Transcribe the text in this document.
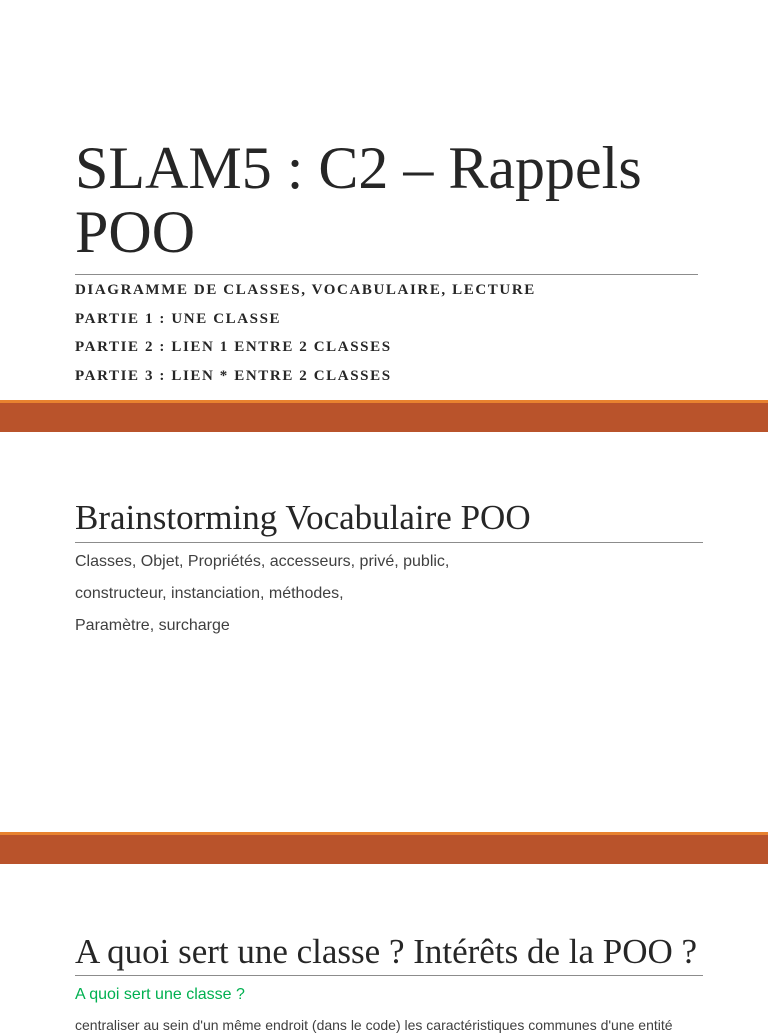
SLAM5 : C2 – Rappels POO
DIAGRAMME DE CLASSES, VOCABULAIRE, LECTURE
PARTIE 1 : UNE CLASSE
PARTIE 2 : LIEN 1 ENTRE 2 CLASSES
PARTIE 3 : LIEN * ENTRE 2 CLASSES
Brainstorming Vocabulaire POO
Classes, Objet, Propriétés, accesseurs, privé, public,
constructeur, instanciation, méthodes,
Paramètre, surcharge
A quoi sert une classe ? Intérêts de la POO ?

A quoi sert une classe ?

centraliser au sein d'un même endroit (dans le code) les caractéristiques communes d'une entité
